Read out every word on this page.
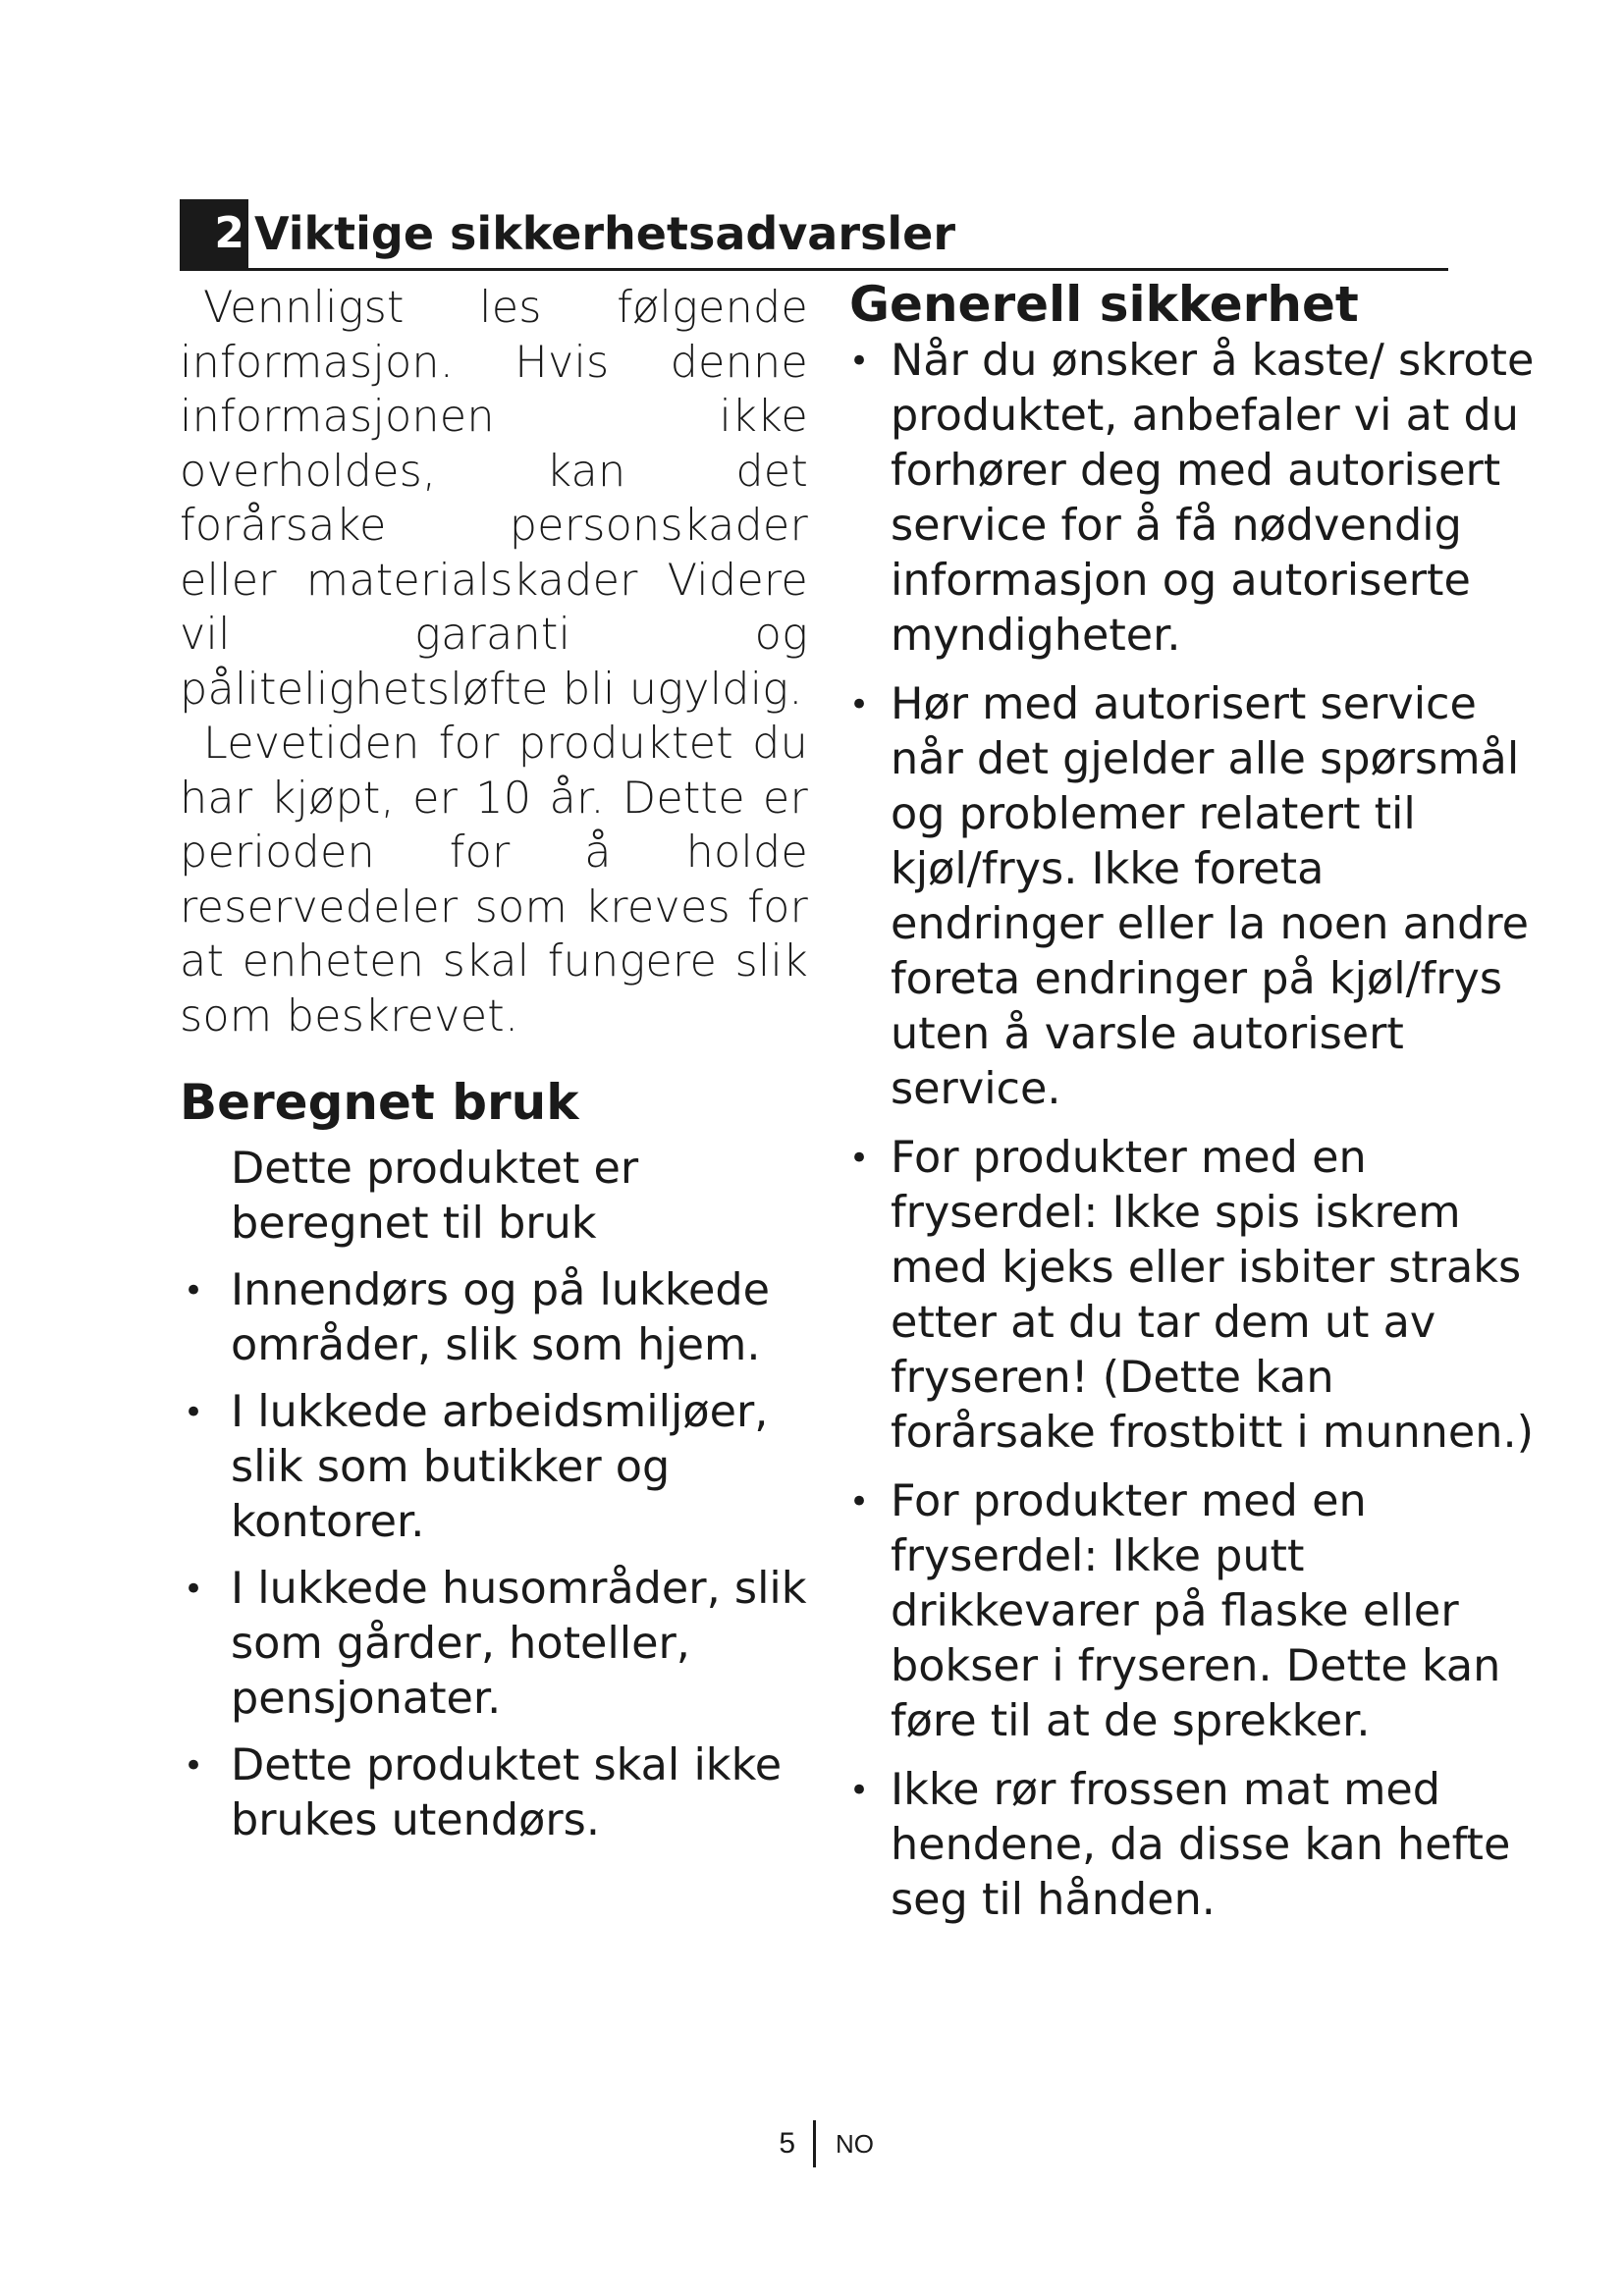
2 Viktige sikkerhetsadvarsler

Vennligst les følgende informasjon. Hvis denne informasjonen ikke overholdes, kan det forårsake personskader eller materialskader Videre vil garanti og pålitelighetsløfte bli ugyldig.

Levetiden for produktet du har kjøpt, er 10 år. Dette er perioden for å holde reservedeler som kreves for at enheten skal fungere slik som beskrevet.

Beregnet bruk
Dette produktet er beregnet til bruk
• Innendørs og på lukkede områder, slik som hjem.
• I lukkede arbeidsmiljøer, slik som butikker og kontorer.
• I lukkede husområder, slik som gårder, hoteller, pensjonater.
• Dette produktet skal ikke brukes utendørs.
Generell sikkerhet
• Når du ønsker å kaste/ skrote produktet, anbefaler vi at du forhører deg med autorisert service for å få nødvendig informasjon og autoriserte myndigheter.
• Hør med autorisert service når det gjelder alle spørsmål og problemer relatert til kjøl/frys. Ikke foreta endringer eller la noen andre foreta endringer på kjøl/frys uten å varsle autorisert service.
• For produkter med en fryserdel: Ikke spis iskrem med kjeks eller isbiter straks etter at du tar dem ut av fryseren! (Dette kan forårsake frostbitt i munnen.)
• For produkter med en fryserdel: Ikke putt drikkevarer på flaske eller bokser i fryseren. Dette kan føre til at de sprekker.
• Ikke rør frossen mat med hendene, da disse kan hefte seg til hånden.
5 NO
